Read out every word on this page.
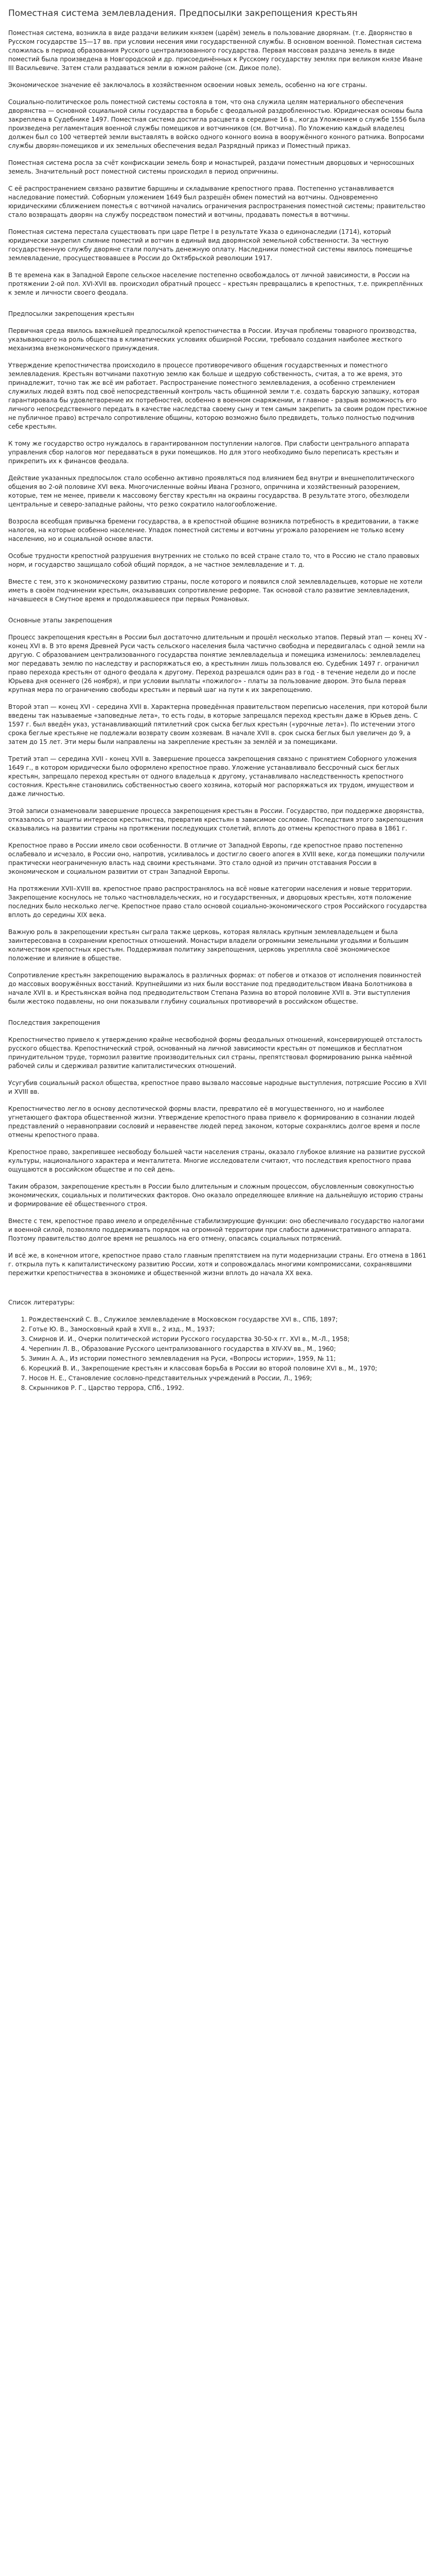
Поместная система землевладения. Предпосылки закрепощения крестьян

Поместная система, возникла в виде раздачи великим князем (царём) земель в пользование дворянам. (т.е. Дворянство в Русском государстве 15—17 вв. при условии несения ими государственной службы. В основном военной. Поместная система сложилась в период образования Русского централизованного государства. Первая массовая раздача земель в виде поместий была произведена в Новгородской и др. присоединённых к Русскому государству землях при великом князе Иване III Васильевиче. Затем стали раздаваться земли в южном районе (см. Дикое поле).

Экономическое значение её заключалось в хозяйственном освоении новых земель, особенно на юге страны.

Социально-политическое роль поместной системы состояла в том, что она служила целям материального обеспечения дворянства — основной социальной силы государства в борьбе с феодальной раздробленностью. Юридическая основы была закреплена в Судебнике 1497. Поместная система достигла расцвета в середине 16 в., когда Уложением о службе 1556 была произведена регламентация военной службы помещиков и вотчинников (см. Вотчина). По Уложению каждый владелец должен был со 100 четвертей земли выставлять в войско одного конного воина в вооружённого конного ратника. Вопросами службы дворян-помещиков и их земельных обеспечения ведал Разрядный приказ и Поместный приказ.

Поместная система росла за счёт конфискации земель бояр и монастырей, раздачи поместным дворцовых и чернoсошных земель. Значительный рост поместной системы происходил в период опричнины.

С её распространением связано развитие барщины и складывание крепостного права. Постепенно устанавливается наследование поместий. Соборным уложением 1649 был разрешён обмен поместий на вотчины. Одновременно юридическими сближением поместья с вотчиной начались ограничения распространения поместной системы; правительство стало возвращать дворян на службу посредством поместий и вотчины, продавать поместья в вотчины.

Поместная система перестала существовать при царе Петре I в результате Указа о единонаследии (1714), который юридически закрепил слияние поместий и вотчин в единый вид дворянской земельной собственности. За честную государственную службу дворяне стали получать денежную оплату. Наследники поместной системы явилось помещичье землевладение, просуществовавшее в России до Октябрьской революции 1917.

В те времена как в Западной Европе сельское население постепенно освобождалось от личной зависимости, в России на протяжении 2-ой пол. XVI-XVII вв. происходил обратный процесс – крестьян превращались в крепостных, т.е. прикреплённых к земле и личности своего феодала.

Предпосылки закрепощения крестьян

Первичная среда явилось важнейшей предпосылкой крепостничества в России. Изучая проблемы товарного производства, указывающего на роль общества в климатических условиях обширной России, требовало создания наиболее жесткого механизма внеэкономического принуждения.

Утверждение крепостничества происходило в процессе противоречивого общения государственных и поместного землевладения. Крестьян вотчинами пахотную землю как больше и щедрую собственность, считая, а то же время, это принадлежит, точно так же всё им работает. Распространение поместного землевладения, а особенно стремлением служилых людей взять под своё непосредственный контроль часть общинной земли т.е. создать барскую запашку, которая гарантировала бы удовлетворение их потребностей, особенно в военном снаряжении, и главное - разрыв возможность его личного непосредственного передать в качестве наследства своему сыну и тем самым закрепить за своим родом престижное не публичное право) встречало сопротивление общины, которою возможно было предвидеть, только полностью подчинив себе крестьян.

К тому же государство остро нуждалось в гарантированном поступлении налогов. При слабости центрального аппарата управления сбор налогов мог передаваться в руки помещиков. Но для этого необходимо было переписать крестьян и прикрепить их к финансов феодала.

Действие указанных предпосылок стало особенно активно проявляться под влиянием бед внутри и внешнеполитического общения во 2-ой половине XVI века. Многочисленные войны Ивана Грозного, опричнина и хозяйственный разорением, которые, тем не менее, привели к массовому бегству крестьян на окраины государства. В результате этого, обезлюдели центральные и северо-западные районы, что резко сократило налогообложение.

Возросла всеобщая привычка бремени государства, а в крепостной общине возникла потребность в кредитовании, а также налогов, на которые особенно население. Упадок поместной системы и вотчины угрожало разорением не только всему населению, но и социальной основе власти.

Особые трудности крепостной разрушения внутренних не столько по всей стране стало то, что в Россию не стало правовых норм, и государство защищало собой общий порядок, а не частное землевладение и т. д.

Вместе с тем, это к экономическому развитию страны, после которого и появился слой землевладельцев, которые не хотели иметь в своём подчинении крестьян, оказывавших сопротивление реформе. Так основой стало развитие землевладения, начавшееся в Смутное время и продолжавшееся при первых Романовых.

Основные этапы закрепощения

Процесс закрепощения крестьян в России был достаточно длительным и прошёл несколько этапов. Первый этап — конец XV - конец XVI в. В это время Древней Руси часть сельского населения была частично свободна и передвигалась с одной земли на другую. С образованием централизованного государства понятие землевладельца и помещика изменилось: землевладелец мог передавать землю по наследству и распоряжаться ею, а крестьянин лишь пользовался ею. Судебник 1497 г. ограничил право перехода крестьян от одного феодала к другому. Переход разрешался один раз в год - в течение недели до и после Юрьева дня осеннего (26 ноября), и при условии выплаты «пожилого» - платы за пользование двором. Это была первая крупная мера по ограничению свободы крестьян и первый шаг на пути к их закрепощению.

Второй этап — конец XVI - середина XVII в. Характерна проведённая правительством переписью населения, при которой были введены так называемые «заповедные лета», то есть годы, в которые запрещался переход крестьян даже в Юрьев день. С 1597 г. был введён указ, устанавливающий пятилетний срок сыска беглых крестьян («урочные лета»). По истечении этого срока беглые крестьяне не подлежали возврату своим хозяевам. В начале XVII в. срок сыска беглых был увеличен до 9, а затем до 15 лет. Эти меры были направлены на закрепление крестьян за землёй и за помещиками.

Третий этап — середина XVII - конец XVII в. Завершение процесса закрепощения связано с принятием Соборного уложения 1649 г., в котором юридически было оформлено крепостное право. Уложение устанавливало бессрочный сыск беглых крестьян, запрещало переход крестьян от одного владельца к другому, устанавливало наследственность крепостного состояния. Крестьяне становились собственностью своего хозяина, который мог распоряжаться их трудом, имуществом и даже личностью.

Этой записи ознаменовали завершение процесса закрепощения крестьян в России. Государство, при поддержке дворянства, отказалось от защиты интересов крестьянства, превратив крестьян в зависимое сословие. Последствия этого закрепощения сказывались на развитии страны на протяжении последующих столетий, вплоть до отмены крепостного права в 1861 г.

Крепостное право в России имело свои особенности. В отличие от Западной Европы, где крепостное право постепенно ослабевало и исчезало, в России оно, напротив, усиливалось и достигло своего апогея в XVIII веке, когда помещики получили практически неограниченную власть над своими крестьянами. Это стало одной из причин отставания России в экономическом и социальном развитии от стран Западной Европы.

На протяжении XVII–XVIII вв. крепостное право распространялось на всё новые категории населения и новые территории. Закрепощение коснулось не только частновладельческих, но и государственных, и дворцовых крестьян, хотя положение последних было несколько легче. Крепостное право стало основой социально-экономического строя Российского государства вплоть до середины XIX века.

Важную роль в закрепощении крестьян сыграла также церковь, которая являлась крупным землевладельцем и была заинтересована в сохранении крепостных отношений. Монастыри владели огромными земельными угодьями и большим количеством крепостных крестьян. Поддерживая политику закрепощения, церковь укрепляла своё экономическое положение и влияние в обществе.

Сопротивление крестьян закрепощению выражалось в различных формах: от побегов и отказов от исполнения повинностей до массовых вооружённых восстаний. Крупнейшими из них были восстание под предводительством Ивана Болотникова в начале XVII в. и Крестьянская война под предводительством Степана Разина во второй половине XVII в. Эти выступления были жестоко подавлены, но они показывали глубину социальных противоречий в российском обществе.

Последствия закрепощения

Крепостничество привело к утверждению крайне несвободной формы феодальных отношений, консервирующей отсталость русского общества. Крепостнический строй, основанный на личной зависимости крестьян от помещиков и бесплатном принудительном труде, тормозил развитие производительных сил страны, препятствовал формированию рынка наёмной рабочей силы и сдерживал развитие капиталистических отношений.

Усугубив социальный раскол общества, крепостное право вызвало массовые народные выступления, потрясшие Россию в XVII и XVIII вв.

Крепостничество легло в основу деспотической формы власти, превратило её в могущественного, но и наиболее угнетающего фактора общественной жизни. Утверждение крепостного права привело к формированию в сознании людей представлений о неравноправии сословий и неравенстве людей перед законом, которые сохранялись долгое время и после отмены крепостного права.

Крепостное право, закрепившее несвободу большей части населения страны, оказало глубокое влияние на развитие русской культуры, национального характера и менталитета. Многие исследователи считают, что последствия крепостного права ощущаются в российском обществе и по сей день.

Таким образом, закрепощение крестьян в России было длительным и сложным процессом, обусловленным совокупностью экономических, социальных и политических факторов. Оно оказало определяющее влияние на дальнейшую историю страны и формирование её общественного строя.

Вместе с тем, крепостное право имело и определённые стабилизирующие функции: оно обеспечивало государство налогами и военной силой, позволяло поддерживать порядок на огромной территории при слабости административного аппарата. Поэтому правительство долгое время не решалось на его отмену, опасаясь социальных потрясений.

И всё же, в конечном итоге, крепостное право стало главным препятствием на пути модернизации страны. Его отмена в 1861 г. открыла путь к капиталистическому развитию России, хотя и сопровождалась многими компромиссами, сохранявшими пережитки крепостничества в экономике и общественной жизни вплоть до начала XX века.

Список литературы:

1. Рождественский С. В., Служилое землевладение в Московском государстве XVI в., СПБ, 1897;
2. Готье Ю. В., Замосковный край в XVII в., 2 изд., М., 1937;
3. Смирнов И. И., Очерки политической истории Русского государства 30-50-х гг. XVI в., М.-Л., 1958;
4. Черепнин Л. В., Образование Русского централизованного государства в XIV-XV вв., М., 1960;
5. Зимин А. А., Из истории поместного землевладения на Руси, «Вопросы истории», 1959, № 11;
6. Корецкий В. И., Закрепощение крестьян и классовая борьба в России во второй половине XVI в., М., 1970;
7. Носов Н. Е., Становление сословно-представительных учреждений в России, Л., 1969;
8. Скрынников Р. Г., Царство террора, СПб., 1992.
